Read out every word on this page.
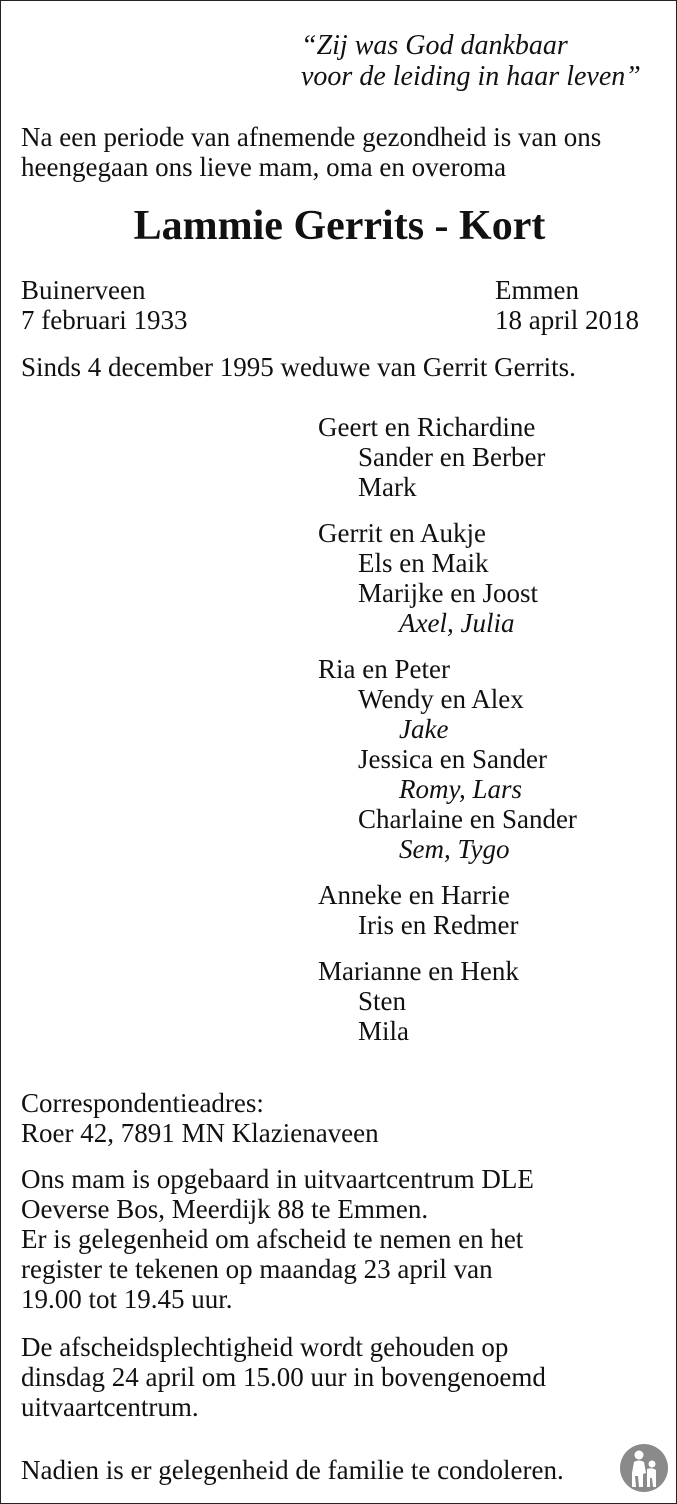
“Zij was God dankbaar
voor de leiding in haar leven”
Na een periode van afnemende gezondheid is van ons
heengegaan ons lieve mam, oma en overoma
Lammie Gerrits - Kort
Buinerveen
7 februari 1933
Emmen
18 april 2018
Sinds 4 december 1995 weduwe van Gerrit Gerrits.
Geert en Richardine
Sander en Berber
Mark
Gerrit en Aukje
Els en Maik
Marijke en Joost
Axel, Julia
Ria en Peter
Wendy en Alex
Jake
Jessica en Sander
Romy, Lars
Charlaine en Sander
Sem, Tygo
Anneke en Harrie
Iris en Redmer
Marianne en Henk
Sten
Mila
Correspondentieadres:
Roer 42, 7891 MN Klazienaveen
Ons mam is opgebaard in uitvaartcentrum DLE
Oeverse Bos, Meerdijk 88 te Emmen.
Er is gelegenheid om afscheid te nemen en het
register te tekenen op maandag 23 april van
19.00 tot 19.45 uur.
De afscheidsplechtigheid wordt gehouden op
dinsdag 24 april om 15.00 uur in bovengenoemd
uitvaartcentrum.
Nadien is er gelegenheid de familie te condoleren.
